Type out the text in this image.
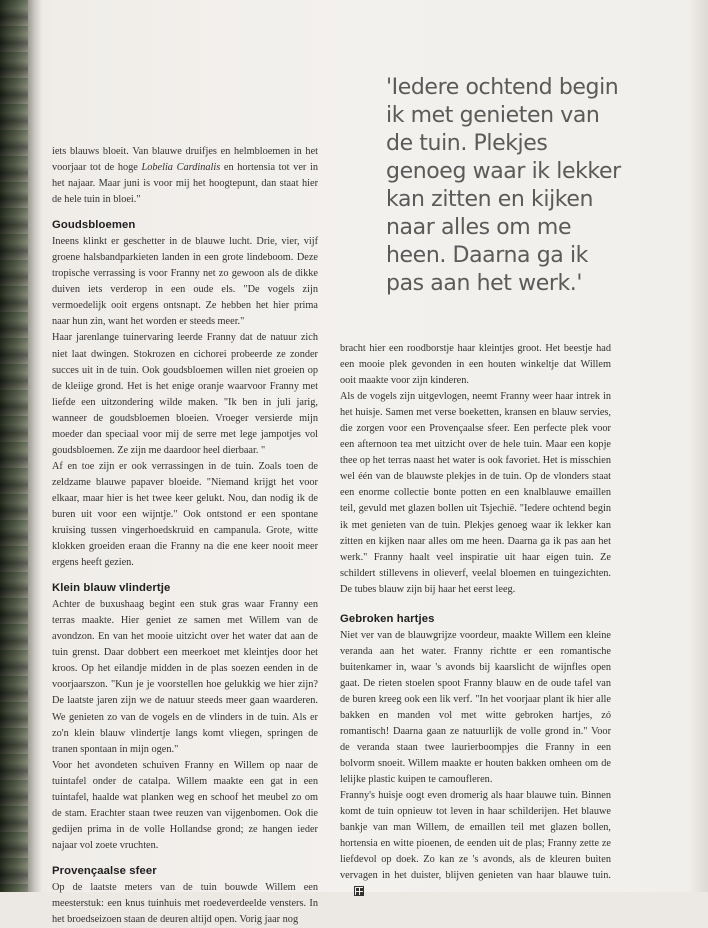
'Iedere ochtend begin ik met genieten van de tuin. Plekjes genoeg waar ik lekker kan zitten en kijken naar alles om me heen. Daarna ga ik pas aan het werk.'

iets blauws bloeit. Van blauwe druifjes en helmbloemen in het voorjaar tot de hoge Lobelia Cardinalis en hortensia tot ver in het najaar. Maar juni is voor mij het hoogtepunt, dan staat hier de hele tuin in bloei."

Goudsbloemen

Ineens klinkt er geschetter in de blauwe lucht. Drie, vier, vijf groene halsbandparkieten landen in een grote lindeboom. Deze tropische verrassing is voor Franny net zo gewoon als de dikke duiven iets verderop in een oude els. "De vogels zijn vermoedelijk ooit ergens ontsnapt. Ze hebben het hier prima naar hun zin, want het worden er steeds meer."

Haar jarenlange tuinervaring leerde Franny dat de natuur zich niet laat dwingen. Stokrozen en cichorei probeerde ze zonder succes uit in de tuin. Ook goudsbloemen willen niet groeien op de kleiige grond. Het is het enige oranje waarvoor Franny met liefde een uitzondering wilde maken. "Ik ben in juli jarig, wanneer de goudsbloemen bloeien. Vroeger versierde mijn moeder dan speciaal voor mij de serre met lege jampotjes vol goudsbloemen. Ze zijn me daardoor heel dierbaar. "

Af en toe zijn er ook verrassingen in de tuin. Zoals toen de zeldzame blauwe papaver bloeide. "Niemand krijgt het voor elkaar, maar hier is het twee keer gelukt. Nou, dan nodig ik de buren uit voor een wijntje." Ook ontstond er een spontane kruising tussen vingerhoedskruid en campanula. Grote, witte klokken groeiden eraan die Franny na die ene keer nooit meer ergens heeft gezien.

Klein blauw vlindertje

Achter de buxushaag begint een stuk gras waar Franny een terras maakte. Hier geniet ze samen met Willem van de avondzon. En van het mooie uitzicht over het water dat aan de tuin grenst. Daar dobbert een meerkoet met kleintjes door het kroos. Op het eilandje midden in de plas soezen eenden in de voorjaarszon. "Kun je je voorstellen hoe gelukkig we hier zijn? De laatste jaren zijn we de natuur steeds meer gaan waarderen. We genieten zo van de vogels en de vlinders in de tuin. Als er zo'n klein blauw vlindertje langs komt vliegen, springen de tranen spontaan in mijn ogen."

Voor het avondeten schuiven Franny en Willem op naar de tuintafel onder de catalpa. Willem maakte een gat in een tuintafel, haalde wat planken weg en schoof het meubel zo om de stam. Erachter staan twee reuzen van vijgenbomen. Ook die gedijen prima in de volle Hollandse grond; ze hangen ieder najaar vol zoete vruchten.

Provençaalse sfeer

Op de laatste meters van de tuin bouwde Willem een meesterstuk: een knus tuinhuis met roedeverdeelde vensters. In het broedseizoen staan de deuren altijd open. Vorig jaar nog

bracht hier een roodborstje haar kleintjes groot. Het beestje had een mooie plek gevonden in een houten winkeltje dat Willem ooit maakte voor zijn kinderen.

Als de vogels zijn uitgevlogen, neemt Franny weer haar intrek in het huisje. Samen met verse boeketten, kransen en blauw servies, die zorgen voor een Provençaalse sfeer. Een perfecte plek voor een afternoon tea met uitzicht over de hele tuin. Maar een kopje thee op het terras naast het water is ook favoriet. Het is misschien wel één van de blauwste plekjes in de tuin. Op de vlonders staat een enorme collectie bonte potten en een knalblauwe emaillen teil, gevuld met glazen bollen uit Tsjechië. "Iedere ochtend begin ik met genieten van de tuin. Plekjes genoeg waar ik lekker kan zitten en kijken naar alles om me heen. Daarna ga ik pas aan het werk." Franny haalt veel inspiratie uit haar eigen tuin. Ze schildert stillevens in olieverf, veelal bloemen en tuingezichten. De tubes blauw zijn bij haar het eerst leeg.

Gebroken hartjes

Niet ver van de blauwgrijze voordeur, maakte Willem een kleine veranda aan het water. Franny richtte er een romantische buitenkamer in, waar 's avonds bij kaarslicht de wijnfles open gaat. De rieten stoelen spoot Franny blauw en de oude tafel van de buren kreeg ook een lik verf. "In het voorjaar plant ik hier alle bakken en manden vol met witte gebroken hartjes, zó romantisch! Daarna gaan ze natuurlijk de volle grond in." Voor de veranda staan twee laurierboompjes die Franny in een bolvorm snoeit. Willem maakte er houten bakken omheen om de lelijke plastic kuipen te camoufleren.

Franny's huisje oogt even dromerig als haar blauwe tuin. Binnen komt de tuin opnieuw tot leven in haar schilderijen. Het blauwe bankje van man Willem, de emaillen teil met glazen bollen, hortensia en witte pioenen, de eenden uit de plas; Franny zette ze liefdevol op doek. Zo kan ze 's avonds, als de kleuren buiten vervagen in het duister, blijven genieten van haar blauwe tuin.
